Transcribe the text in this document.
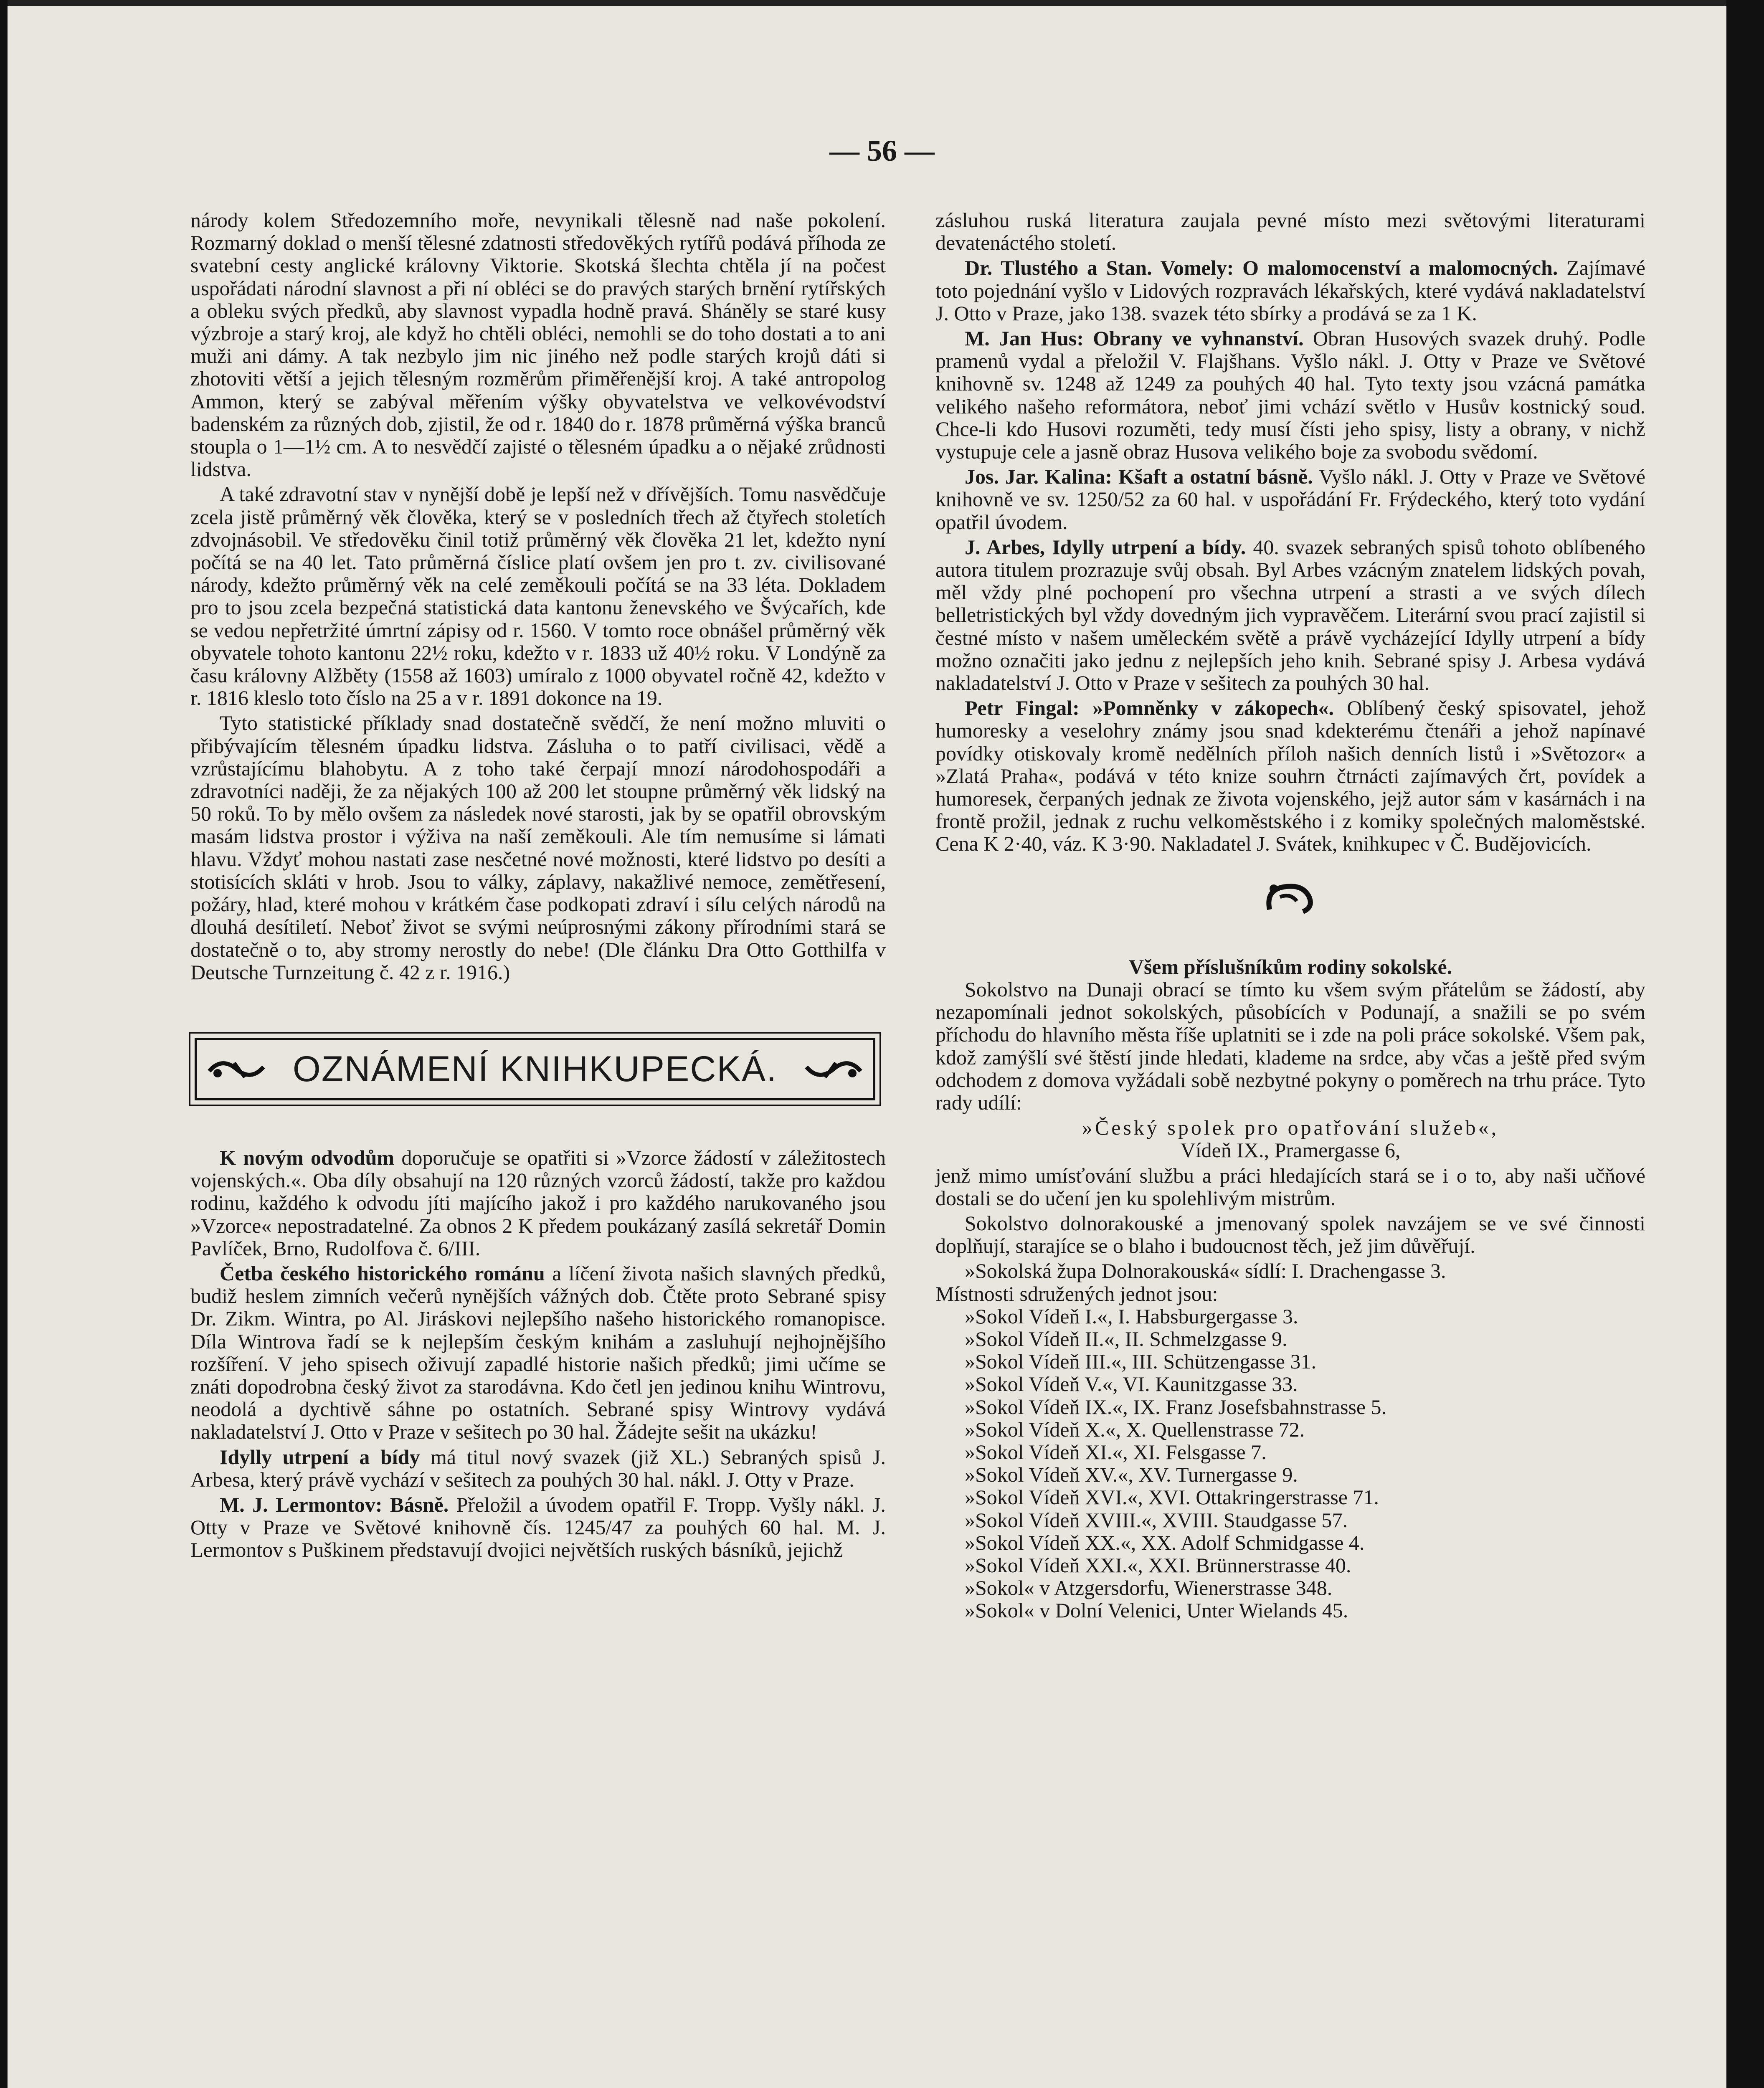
— 56 —

národy kolem Středozemního moře, nevynikali tělesně nad naše pokolení. Rozmarný doklad o menší tělesné zdatnosti středověkých rytířů podává příhoda ze svatební cesty anglické královny Viktorie. Skotská šlechta chtěla jí na počest uspořádati národní slavnost a při ní obléci se do pravých starých brnění rytířských a obleku svých předků, aby slavnost vypadla hodně pravá. Sháněly se staré kusy výzbroje a starý kroj, ale když ho chtěli obléci, nemohli se do toho dostati a to ani muži ani dámy. A tak nezbylo jim nic jiného než podle starých krojů dáti si zhotoviti větší a jejich tělesným rozměrům přiměřenější kroj. A také antropolog Ammon, který se zabýval měřením výšky obyvatelstva ve velkovévodství badenském za různých dob, zjistil, že od r. 1840 do r. 1878 průměrná výška branců stoupla o 1—1½ cm. A to nesvědčí zajisté o tělesném úpadku a o nějaké zrůdnosti lidstva.

A také zdravotní stav v nynější době je lepší než v dřívějších. Tomu nasvědčuje zcela jistě průměrný věk člověka, který se v posledních třech až čtyřech stoletích zdvojnásobil. Ve středověku činil totiž průměrný věk člověka 21 let, kdežto nyní počítá se na 40 let. Tato průměrná číslice platí ovšem jen pro t. zv. civilisované národy, kdežto průměrný věk na celé zeměkouli počítá se na 33 léta. Dokladem pro to jsou zcela bezpečná statistická data kantonu ženevského ve Švýcařích, kde se vedou nepřetržité úmrtní zápisy od r. 1560. V tomto roce obnášel průměrný věk obyvatele tohoto kantonu 22½ roku, kdežto v r. 1833 už 40½ roku. V Londýně za času královny Alžběty (1558 až 1603) umíralo z 1000 obyvatel ročně 42, kdežto v r. 1816 kleslo toto číslo na 25 a v r. 1891 dokonce na 19.

Tyto statistické příklady snad dostatečně svědčí, že není možno mluviti o přibývajícím tělesném úpadku lidstva. Zásluha o to patří civilisaci, vědě a vzrůstajícímu blahobytu. A z toho také čerpají mnozí národohospodáři a zdravotníci naději, že za nějakých 100 až 200 let stoupne průměrný věk lidský na 50 roků. To by mělo ovšem za následek nové starosti, jak by se opatřil obrovským masám lidstva prostor i výživa na naší zeměkouli. Ale tím nemusíme si lámati hlavu. Vždyť mohou nastati zase nesčetné nové možnosti, které lidstvo po desíti a stotisících skláti v hrob. Jsou to války, záplavy, nakažlivé nemoce, zemětřesení, požáry, hlad, které mohou v krátkém čase podkopati zdraví i sílu celých národů na dlouhá desítiletí. Neboť život se svými neúprosnými zákony přírodními stará se dostatečně o to, aby stromy nerostly do nebe! (Dle článku Dra Otto Gotthilfa v Deutsche Turnzeitung č. 42 z r. 1916.)

OZNÁMENÍ KNIHKUPECKÁ.

K novým odvodům doporučuje se opatřiti si »Vzorce žádostí v záležitostech vojenských.«. Oba díly obsahují na 120 různých vzorců žádostí, takže pro každou rodinu, každého k odvodu jíti majícího jakož i pro každého narukovaného jsou »Vzorce« nepostradatelné. Za obnos 2 K předem poukázaný zasílá sekretář Domin Pavlíček, Brno, Rudolfova č. 6/III.

Četba českého historického románu a líčení života našich slavných předků, budiž heslem zimních večerů nynějších vážných dob. Čtěte proto Sebrané spisy Dr. Zikm. Wintra, po Al. Jiráskovi nejlepšího našeho historického romanopisce. Díla Wintrova řadí se k nejlepším českým knihám a zasluhují nejhojnějšího rozšíření. V jeho spisech oživují zapadlé historie našich předků; jimi učíme se znáti dopodrobna český život za starodávna. Kdo četl jen jedinou knihu Wintrovu, neodolá a dychtivě sáhne po ostatních. Sebrané spisy Wintrovy vydává nakladatelství J. Otto v Praze v sešitech po 30 hal. Žádejte sešit na ukázku!

Idylly utrpení a bídy má titul nový svazek (již XL.) Sebraných spisů J. Arbesa, který právě vychází v sešitech za pouhých 30 hal. nákl. J. Otty v Praze.

M. J. Lermontov: Básně. Přeložil a úvodem opatřil F. Tropp. Vyšly nákl. J. Otty v Praze ve Světové knihovně čís. 1245/47 za pouhých 60 hal. M. J. Lermontov s Puškinem představují dvojici největších ruských básníků, jejichž

zásluhou ruská literatura zaujala pevné místo mezi světovými literaturami devatenáctého století.

Dr. Tlustého a Stan. Vomely: O malomocenství a malomocných. Zajímavé toto pojednání vyšlo v Lidových rozpravách lékařských, které vydává nakladatelství J. Otto v Praze, jako 138. svazek této sbírky a prodává se za 1 K.

M. Jan Hus: Obrany ve vyhnanství. Obran Husových svazek druhý. Podle pramenů vydal a přeložil V. Flajšhans. Vyšlo nákl. J. Otty v Praze ve Světové knihovně sv. 1248 až 1249 za pouhých 40 hal. Tyto texty jsou vzácná památka velikého našeho reformátora, neboť jimi vchází světlo v Husův kostnický soud. Chce-li kdo Husovi rozuměti, tedy musí čísti jeho spisy, listy a obrany, v nichž vystupuje cele a jasně obraz Husova velikého boje za svobodu svědomí.

Jos. Jar. Kalina: Kšaft a ostatní básně. Vyšlo nákl. J. Otty v Praze ve Světové knihovně ve sv. 1250/52 za 60 hal. v uspořádání Fr. Frýdeckého, který toto vydání opatřil úvodem.

J. Arbes, Idylly utrpení a bídy. 40. svazek sebraných spisů tohoto oblíbeného autora titulem prozrazuje svůj obsah. Byl Arbes vzácným znatelem lidských povah, měl vždy plné pochopení pro všechna utrpení a strasti a ve svých dílech belletristických byl vždy dovedným jich vypravěčem. Literární svou prací zajistil si čestné místo v našem uměleckém světě a právě vycházející Idylly utrpení a bídy možno označiti jako jednu z nejlepších jeho knih. Sebrané spisy J. Arbesa vydává nakladatelství J. Otto v Praze v sešitech za pouhých 30 hal.

Petr Fingal: »Pomněnky v zákopech«. Oblíbený český spisovatel, jehož humoresky a veselohry známy jsou snad kdekterému čtenáři a jehož napínavé povídky otiskovaly kromě nedělních příloh našich denních listů i »Světozor« a »Zlatá Praha«, podává v této knize souhrn čtrnácti zajímavých črt, povídek a humoresek, čerpaných jednak ze života vojenského, jejž autor sám v kasárnách i na frontě prožil, jednak z ruchu velkoměstského i z komiky společných maloměstské. Cena K 2·40, váz. K 3·90. Nakladatel J. Svátek, knihkupec v Č. Budějovicích.

Všem příslušníkům rodiny sokolské.

Sokolstvo na Dunaji obrací se tímto ku všem svým přátelům se žádostí, aby nezapomínali jednot sokolských, působících v Podunají, a snažili se po svém příchodu do hlavního města říše uplatniti se i zde na poli práce sokolské. Všem pak, kdož zamýšlí své štěstí jinde hledati, klademe na srdce, aby včas a ještě před svým odchodem z domova vyžádali sobě nezbytné pokyny o poměrech na trhu práce. Tyto rady udílí:

»Český spolek pro opatřování služeb«,

Vídeň IX., Pramergasse 6,

jenž mimo umísťování službu a práci hledajících stará se i o to, aby naši učňové dostali se do učení jen ku spolehlivým mistrům.

Sokolstvo dolnorakouské a jmenovaný spolek navzájem se ve své činnosti doplňují, starajíce se o blaho i budoucnost těch, jež jim důvěřují.

»Sokolská župa Dolnorakouská« sídlí: I. Drachengasse 3.

Místnosti sdružených jednot jsou:

»Sokol Vídeň I.«, I. Habsburgergasse 3.

»Sokol Vídeň II.«, II. Schmelzgasse 9.

»Sokol Vídeň III.«, III. Schützengasse 31.

»Sokol Vídeň V.«, VI. Kaunitzgasse 33.

»Sokol Vídeň IX.«, IX. Franz Josefsbahnstrasse 5.

»Sokol Vídeň X.«, X. Quellenstrasse 72.

»Sokol Vídeň XI.«, XI. Felsgasse 7.

»Sokol Vídeň XV.«, XV. Turnergasse 9.

»Sokol Vídeň XVI.«, XVI. Ottakringerstrasse 71.

»Sokol Vídeň XVIII.«, XVIII. Staudgasse 57.

»Sokol Vídeň XX.«, XX. Adolf Schmidgasse 4.

»Sokol Vídeň XXI.«, XXI. Brünnerstrasse 40.

»Sokol« v Atzgersdorfu, Wienerstrasse 348.

»Sokol« v Dolní Velenici, Unter Wielands 45.
